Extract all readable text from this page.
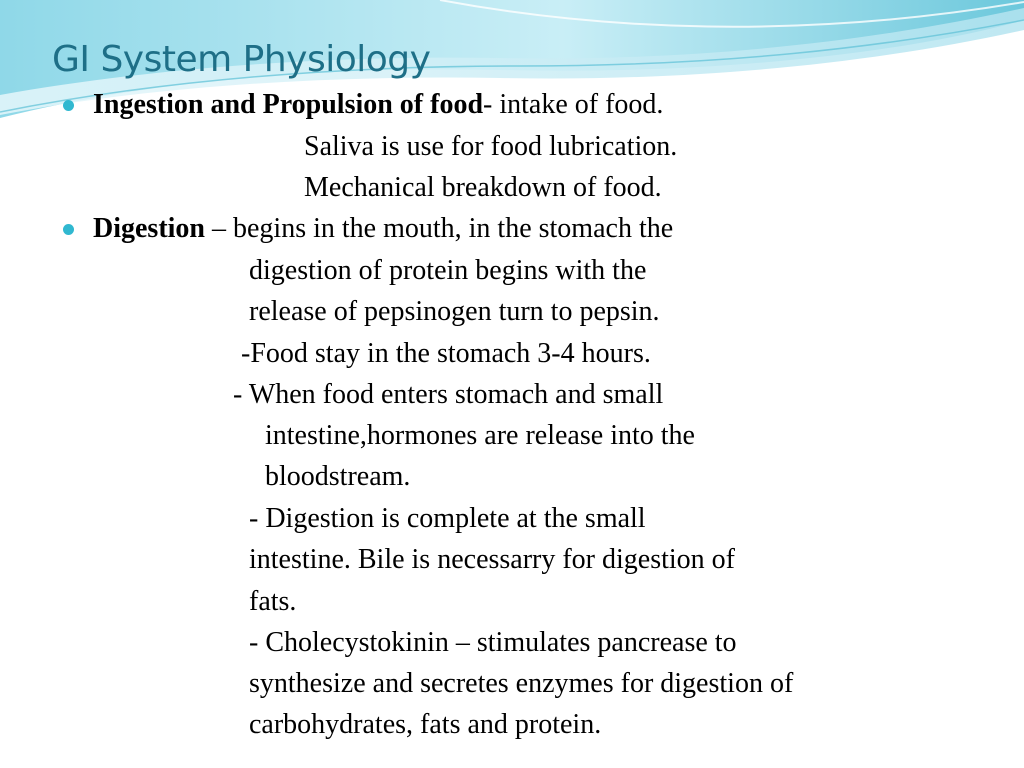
GI System Physiology

Ingestion and Propulsion of food- intake of food.

Saliva is use for food lubrication.

Mechanical breakdown of food.

Digestion – begins in the mouth, in the stomach the

digestion of protein begins with the

release of pepsinogen turn to pepsin.

-Food stay in the stomach 3-4 hours.

- When food enters stomach and small

intestine,hormones are release into the

bloodstream.

- Digestion is complete at the small

intestine. Bile is necessarry for digestion of

fats.

- Cholecystokinin – stimulates pancrease to

synthesize and secretes enzymes for digestion of

carbohydrates, fats and protein.
